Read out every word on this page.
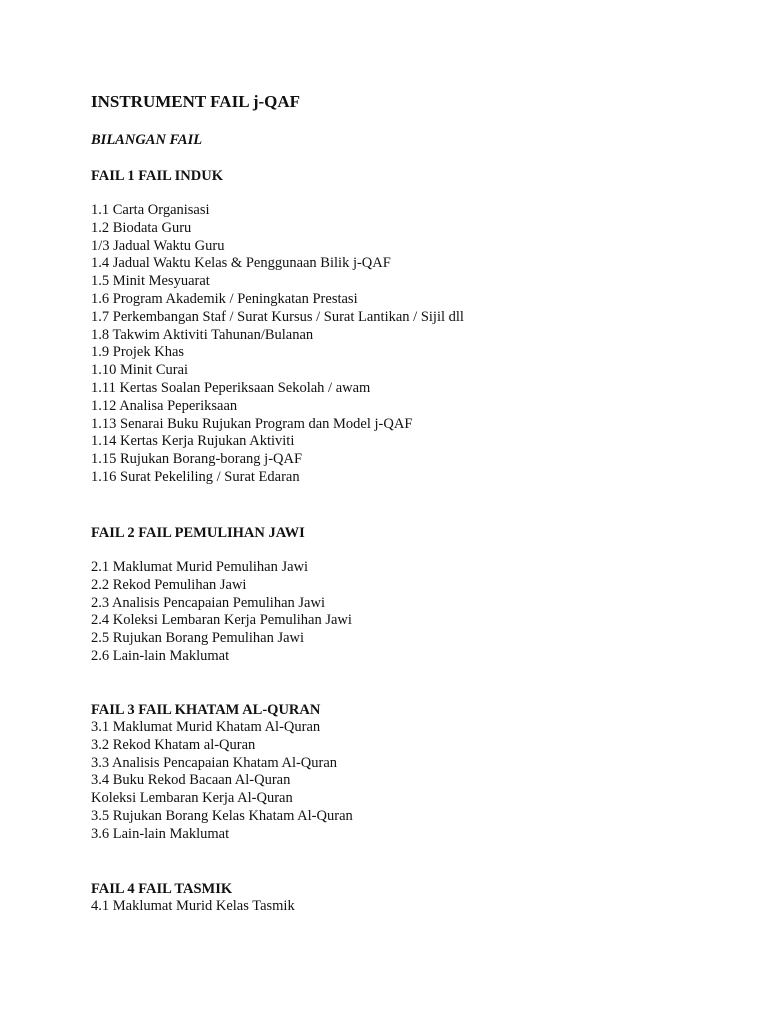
INSTRUMENT FAIL j-QAF
BILANGAN FAIL
FAIL 1 FAIL INDUK
1.1 Carta Organisasi
1.2 Biodata Guru
1/3 Jadual Waktu Guru
1.4 Jadual Waktu Kelas & Penggunaan Bilik j-QAF
1.5 Minit Mesyuarat
1.6 Program Akademik / Peningkatan Prestasi
1.7 Perkembangan Staf / Surat Kursus / Surat Lantikan / Sijil dll
1.8 Takwim Aktiviti Tahunan/Bulanan
1.9 Projek Khas
1.10 Minit Curai
1.11 Kertas Soalan Peperiksaan Sekolah / awam
1.12 Analisa Peperiksaan
1.13 Senarai Buku Rujukan Program dan Model j-QAF
1.14 Kertas Kerja Rujukan Aktiviti
1.15 Rujukan Borang-borang j-QAF
1.16 Surat Pekeliling / Surat Edaran
FAIL 2 FAIL PEMULIHAN JAWI
2.1 Maklumat Murid Pemulihan Jawi
2.2 Rekod Pemulihan Jawi
2.3 Analisis Pencapaian Pemulihan Jawi
2.4 Koleksi Lembaran Kerja Pemulihan Jawi
2.5 Rujukan Borang Pemulihan Jawi
2.6 Lain-lain Maklumat
FAIL 3 FAIL KHATAM AL-QURAN
3.1 Maklumat Murid Khatam Al-Quran
3.2 Rekod Khatam al-Quran
3.3 Analisis Pencapaian Khatam Al-Quran
3.4 Buku Rekod Bacaan Al-Quran
Koleksi Lembaran Kerja Al-Quran
3.5 Rujukan Borang Kelas Khatam Al-Quran
3.6 Lain-lain Maklumat
FAIL 4 FAIL TASMIK
4.1 Maklumat Murid Kelas Tasmik
